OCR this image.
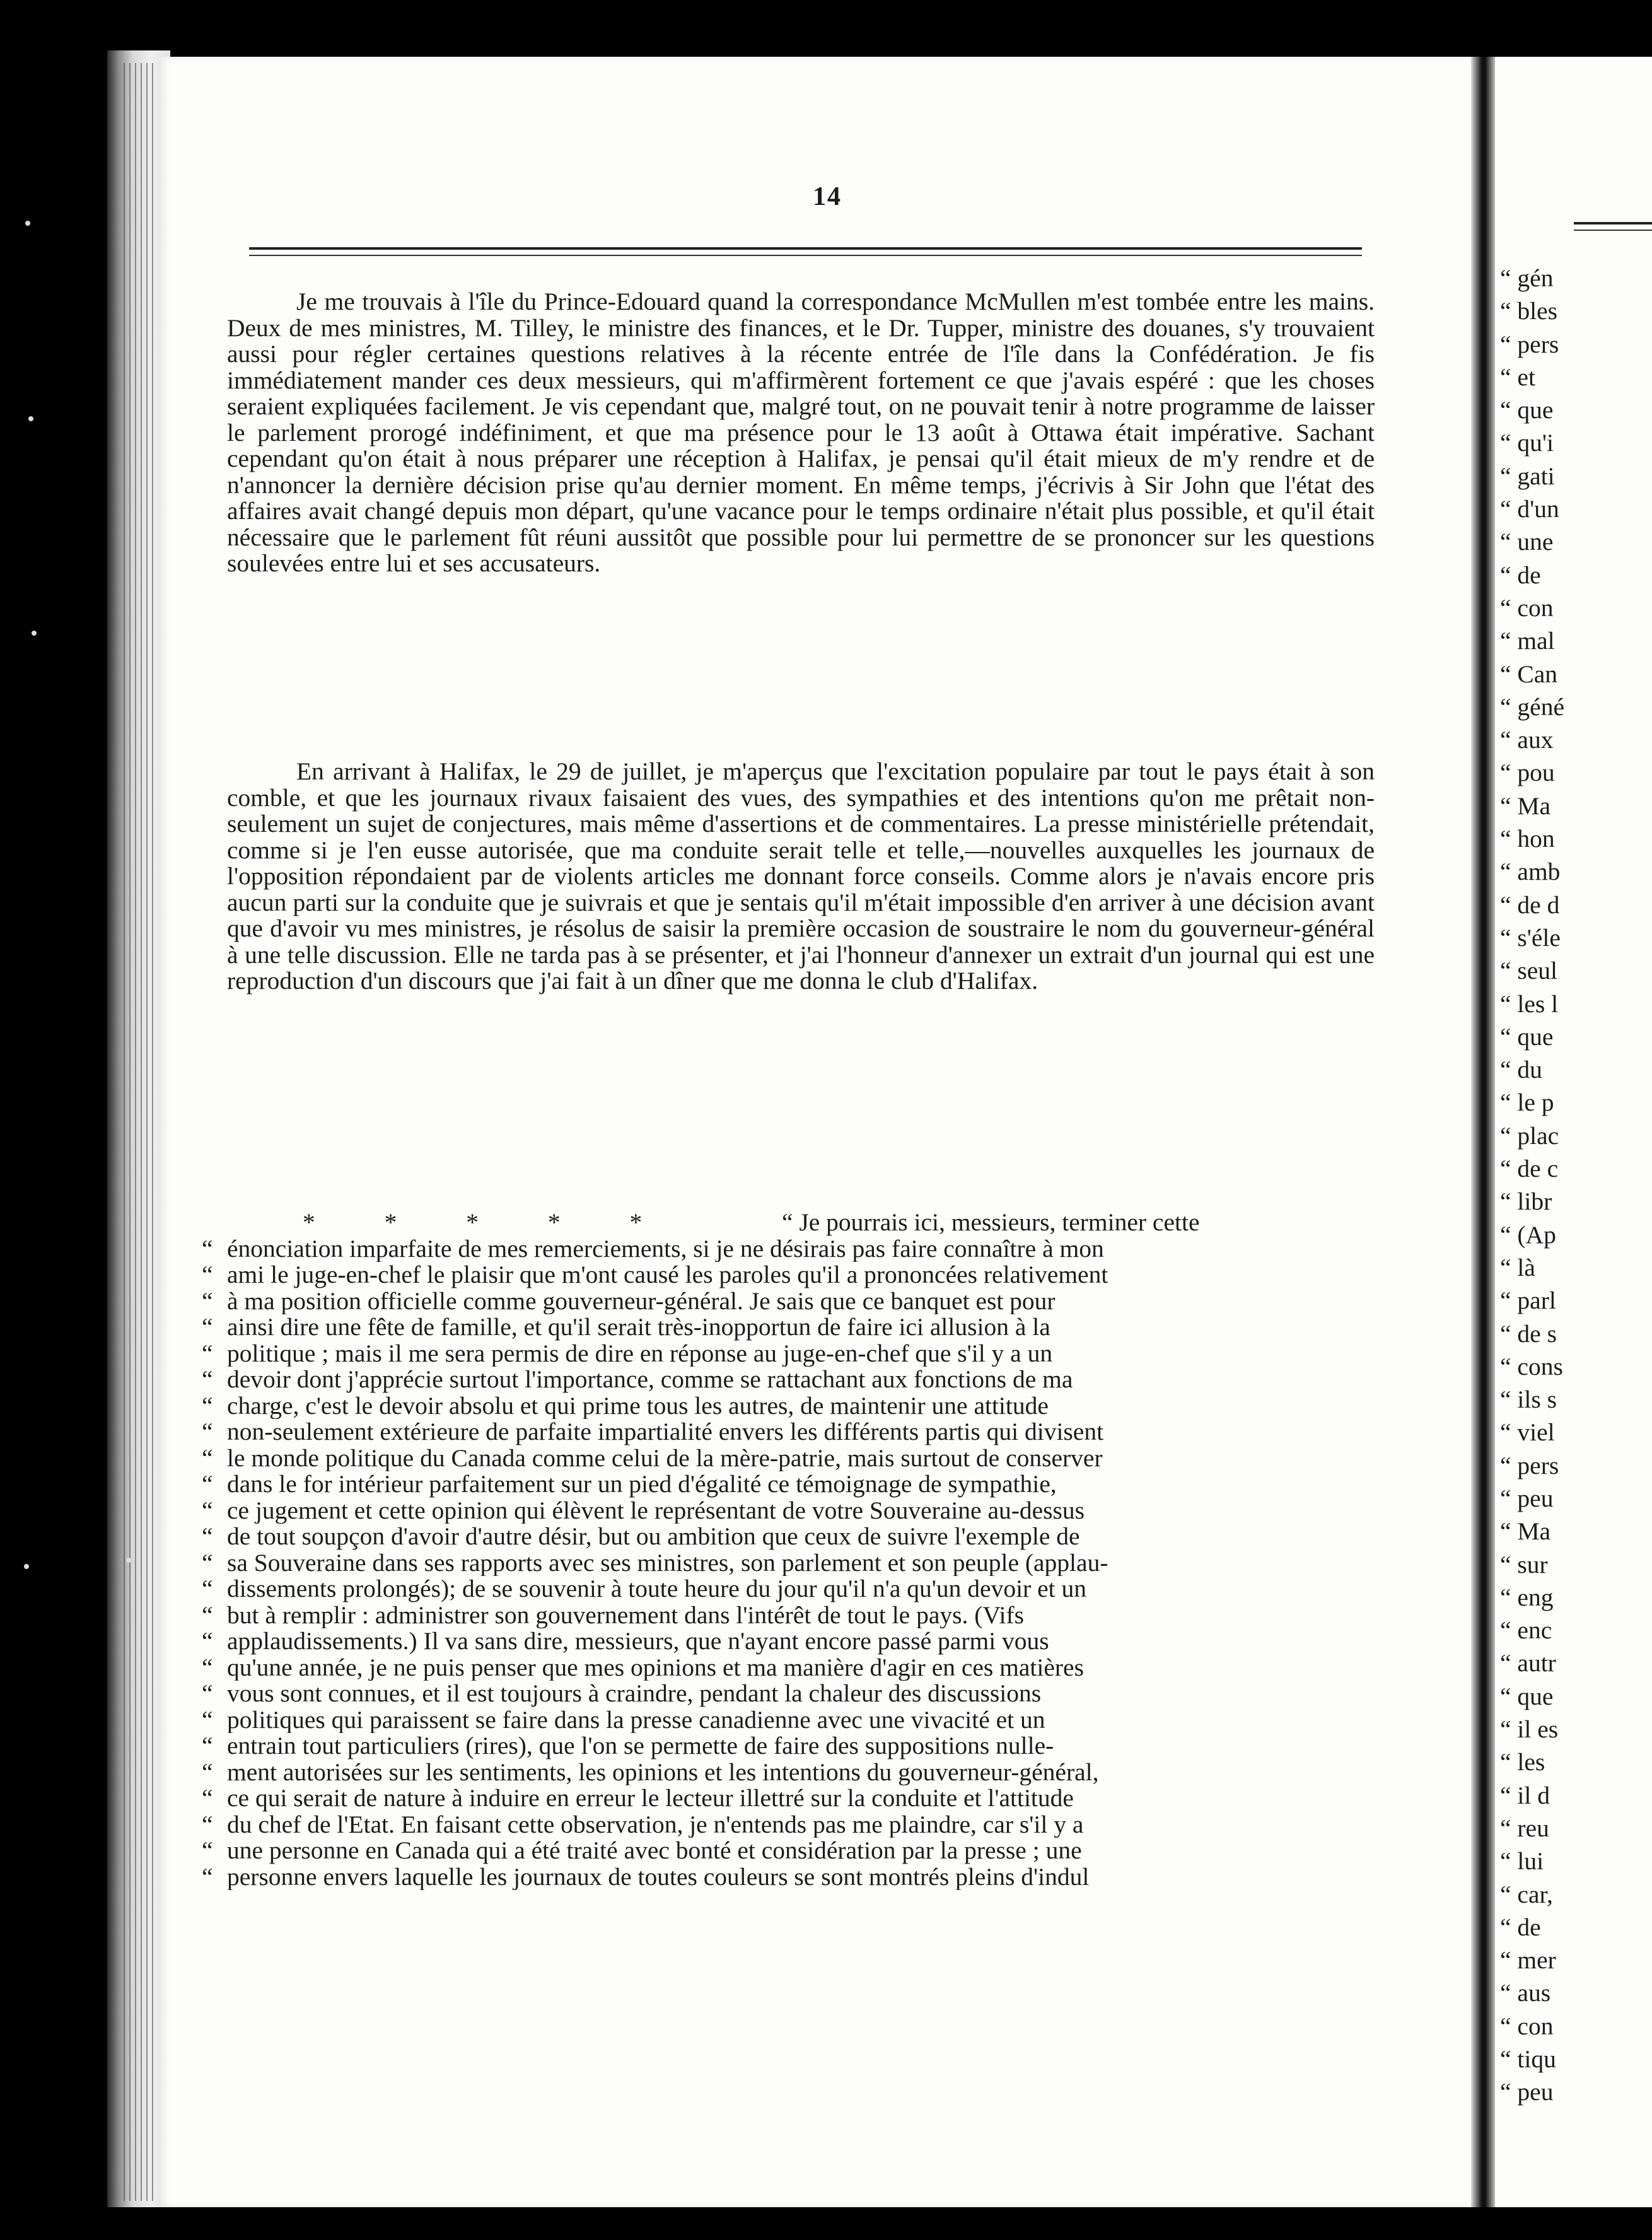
14

Je me trouvais à l'île du Prince-Edouard quand la correspondance McMullen m'est tombée entre les mains. Deux de mes ministres, M. Tilley, le ministre des finances, et le Dr. Tupper, ministre des douanes, s'y trouvaient aussi pour régler certaines questions relatives à la récente entrée de l'île dans la Confédération. Je fis immédiatement mander ces deux messieurs, qui m'affirmèrent fortement ce que j'avais espéré : que les choses seraient expliquées facilement. Je vis cependant que, malgré tout, on ne pouvait tenir à notre programme de laisser le parlement prorogé indéfiniment, et que ma présence pour le 13 août à Ottawa était impérative. Sachant cependant qu'on était à nous préparer une réception à Halifax, je pensai qu'il était mieux de m'y rendre et de n'annoncer la dernière décision prise qu'au dernier moment. En même temps, j'écrivis à Sir John que l'état des affaires avait changé depuis mon départ, qu'une vacance pour le temps ordinaire n'était plus possible, et qu'il était nécessaire que le parlement fût réuni aussitôt que possible pour lui permettre de se prononcer sur les questions soulevées entre lui et ses accusateurs.

En arrivant à Halifax, le 29 de juillet, je m'aperçus que l'excitation populaire par tout le pays était à son comble, et que les journaux rivaux faisaient des vues, des sympathies et des intentions qu'on me prêtait non-seulement un sujet de conjectures, mais même d'assertions et de commentaires. La presse ministérielle prétendait, comme si je l'en eusse autorisée, que ma conduite serait telle et telle,—nouvelles auxquelles les journaux de l'opposition répondaient par de violents articles me donnant force conseils. Comme alors je n'avais encore pris aucun parti sur la conduite que je suivrais et que je sentais qu'il m'était impossible d'en arriver à une décision avant que d'avoir vu mes ministres, je résolus de saisir la première occasion de soustraire le nom du gouverneur-général à une telle discussion. Elle ne tarda pas à se présenter, et j'ai l'honneur d'annexer un extrait d'un journal qui est une reproduction d'un discours que j'ai fait à un dîner que me donna le club d'Halifax.

* * * * *	“ Je pourrais ici, messieurs, terminer cette
“ énonciation imparfaite de mes remerciements, si je ne désirais pas faire connaître à mon
“ ami le juge-en-chef le plaisir que m'ont causé les paroles qu'il a prononcées relativement
“ à ma position officielle comme gouverneur-général. Je sais que ce banquet est pour
“ ainsi dire une fête de famille, et qu'il serait très-inopportun de faire ici allusion à la
“ politique ; mais il me sera permis de dire en réponse au juge-en-chef que s'il y a un
“ devoir dont j'apprécie surtout l'importance, comme se rattachant aux fonctions de ma
“ charge, c'est le devoir absolu et qui prime tous les autres, de maintenir une attitude
“ non-seulement extérieure de parfaite impartialité envers les différents partis qui divisent
“ le monde politique du Canada comme celui de la mère-patrie, mais surtout de conserver
“ dans le for intérieur parfaitement sur un pied d'égalité ce témoignage de sympathie,
“ ce jugement et cette opinion qui élèvent le représentant de votre Souveraine au-dessus
“ de tout soupçon d'avoir d'autre désir, but ou ambition que ceux de suivre l'exemple de
“ sa Souveraine dans ses rapports avec ses ministres, son parlement et son peuple (applau-
“ dissements prolongés); de se souvenir à toute heure du jour qu'il n'a qu'un devoir et un
“ but à remplir : administrer son gouvernement dans l'intérêt de tout le pays. (Vifs
“ applaudissements.) Il va sans dire, messieurs, que n'ayant encore passé parmi vous
“ qu'une année, je ne puis penser que mes opinions et ma manière d'agir en ces matières
“ vous sont connues, et il est toujours à craindre, pendant la chaleur des discussions
“ politiques qui paraissent se faire dans la presse canadienne avec une vivacité et un
“ entrain tout particuliers (rires), que l'on se permette de faire des suppositions nulle-
“ ment autorisées sur les sentiments, les opinions et les intentions du gouverneur-général,
“ ce qui serait de nature à induire en erreur le lecteur illettré sur la conduite et l'attitude
“ du chef de l'Etat. En faisant cette observation, je n'entends pas me plaindre, car s'il y a
“ une personne en Canada qui a été traité avec bonté et considération par la presse ; une
“ personne envers laquelle les journaux de toutes couleurs se sont montrés pleins d'indul
“ gén
“ bles
“ pers
“ et
“ que
“ qu'i
“ gati
“ d'un
“ une
“ de
“ con
“ mal
“ Can
“ géné
“ aux
“ pou
“ Ma
“ hon
“ amb
“ de d
“ s'éle
“ seul
“ les l
“ que
“ du
“ le p
“ plac
“ de c
“ libr
“ (Ap
“ là
“ parl
“ de s
“ cons
“ ils s
“ viel
“ pers
“ peu
“ Ma
“ sur
“ eng
“ enc
“ autr
“ que
“ il es
“ les
“ il d
“ reu
“ lui
“ car,
“ de
“ mer
“ aus
“ con
“ tiqu
“ peu
